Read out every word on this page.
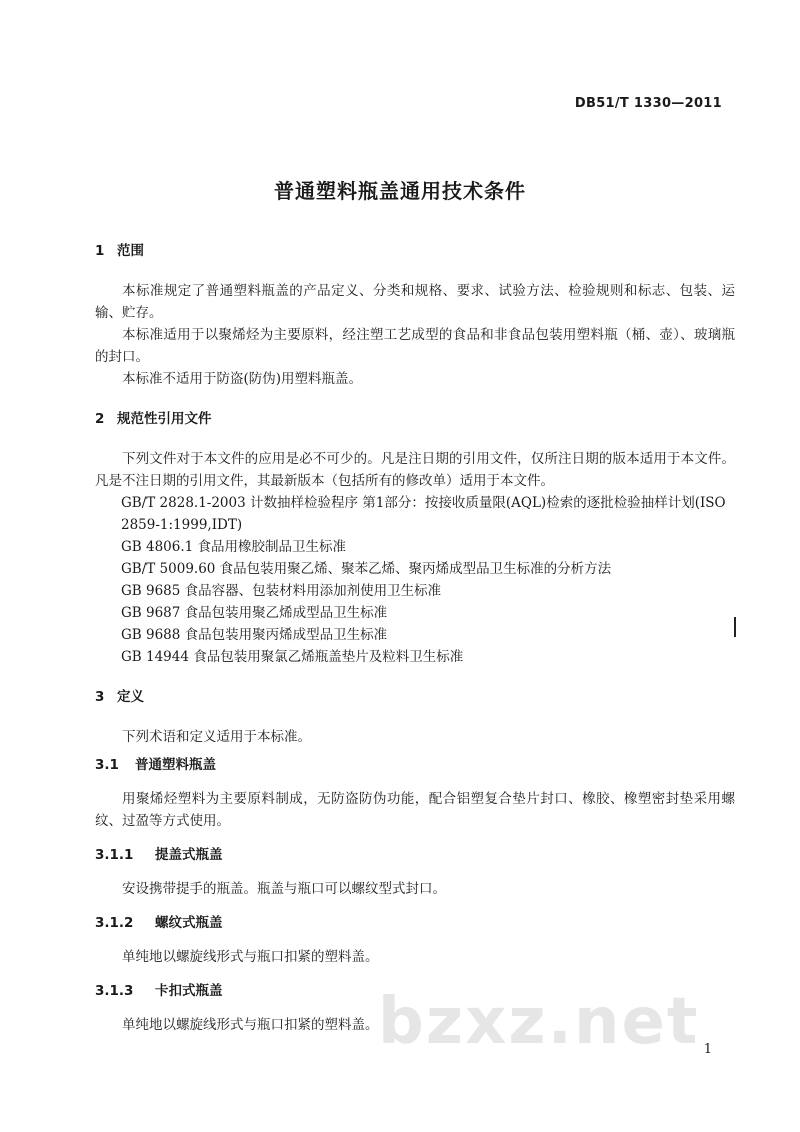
DB51/T 1330—2011
普通塑料瓶盖通用技术条件
1 范围

本标准规定了普通塑料瓶盖的产品定义、分类和规格、要求、试验方法、检验规则和标志、包装、运输、贮存。

本标准适用于以聚烯烃为主要原料，经注塑工艺成型的食品和非食品包装用塑料瓶（桶、壶）、玻璃瓶的封口。

本标准不适用于防盗(防伪)用塑料瓶盖。

2 规范性引用文件

下列文件对于本文件的应用是必不可少的。凡是注日期的引用文件，仅所注日期的版本适用于本文件。凡是不注日期的引用文件，其最新版本（包括所有的修改单）适用于本文件。

GB/T 2828.1-2003 计数抽样检验程序 第1部分：按接收质量限(AQL)检索的逐批检验抽样计划(ISO 2859-1:1999,IDT)

GB 4806.1 食品用橡胶制品卫生标准

GB/T 5009.60 食品包装用聚乙烯、聚苯乙烯、聚丙烯成型品卫生标准的分析方法

GB 9685 食品容器、包装材料用添加剂使用卫生标准

GB 9687 食品包装用聚乙烯成型品卫生标准

GB 9688 食品包装用聚丙烯成型品卫生标准

GB 14944 食品包装用聚氯乙烯瓶盖垫片及粒料卫生标准

3 定义

下列术语和定义适用于本标准。

3.1 普通塑料瓶盖

用聚烯烃塑料为主要原料制成，无防盗防伪功能，配合铝塑复合垫片封口、橡胶、橡塑密封垫采用螺纹、过盈等方式使用。

3.1.1 提盖式瓶盖

安设携带提手的瓶盖。瓶盖与瓶口可以螺纹型式封口。

3.1.2 螺纹式瓶盖

单纯地以螺旋线形式与瓶口扣紧的塑料盖。

3.1.3 卡扣式瓶盖

单纯地以螺旋线形式与瓶口扣紧的塑料盖。 bzxz.net 1
